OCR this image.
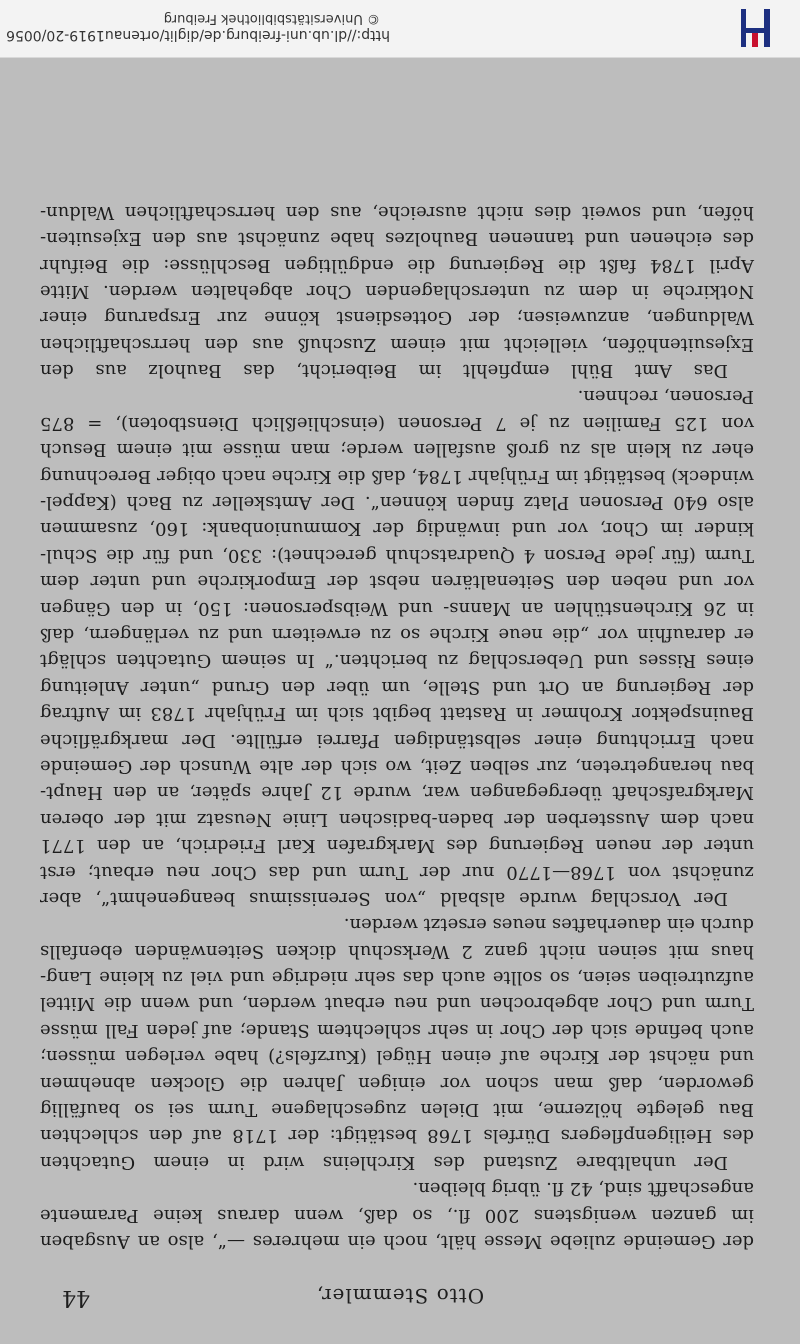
Otto Stemmler,
44
der Gemeinde zuliebe Messe hält, noch ein mehreres —“, also an Ausgaben
im ganzen wenigstens 200 fl., so daß, wenn daraus keine Paramente
angeschafft sind, 42 fl. übrig bleiben.
Der unhaltbare Zustand des Kirchleins wird in einem Gutachten
des Heiligenpflegers Dürfels 1768 bestätigt: der 1718 auf den schlechten
Bau gelegte hölzerne, mit Dielen zugeschlagene Turm sei so baufällig
geworden, daß man schon vor einigen Jahren die Glocken abnehmen
und nächst der Kirche auf einen Hügel (Kurzfels?) habe verlegen müssen;
auch befinde sich der Chor in sehr schlechtem Stande; auf jeden Fall müsse
Turm und Chor abgebrochen und neu erbaut werden, und wenn die Mittel
aufzutreiben seien, so sollte auch das sehr niedrige und viel zu kleine Lang-
haus mit seinen nicht ganz 2 Werkschuh dicken Seitenwänden ebenfalls
durch ein dauerhaftes neues ersetzt werden.
Der Vorschlag wurde alsbald „von Serenissimus beangenehmt“, aber
zunächst von 1768—1770 nur der Turm und das Chor neu erbaut; erst
unter der neuen Regierung des Markgrafen Karl Friedrich, an den 1771
nach dem Aussterben der baden-badischen Linie Neusatz mit der oberen
Markgrafschaft übergegangen war, wurde 12 Jahre später, an den Haupt-
bau herangetreten, zur selben Zeit, wo sich der alte Wunsch der Gemeinde
nach Errichtung einer selbständigen Pfarrei erfüllte. Der markgräfliche
Bauinspektor Krohmer in Rastatt begibt sich im Frühjahr 1783 im Auftrag
der Regierung an Ort und Stelle, um über den Grund „unter Anleitung
eines Risses und Ueberschlag zu berichten.“ In seinem Gutachten schlägt
er daraufhin vor „die neue Kirche so zu erweitern und zu verlängern, daß
in 26 Kirchenstühlen an Manns- und Weibspersonen: 150, in den Gängen
vor und neben den Seitenaltären nebst der Emporkirche und unter dem
Turm (für jede Person 4 Quadratschuh gerechnet): 330, und für die Schul-
kinder im Chor, vor und inwändig der Kommunionbank: 160, zusammen
also 640 Personen Platz finden können“. Der Amtskeller zu Bach (Kappel-
windeck) bestätigt im Frühjahr 1784, daß die Kirche nach obiger Berechnung
eher zu klein als zu groß ausfallen werde; man müsse mit einem Besuch
von 125 Familien zu je 7 Personen (einschließlich Dienstboten), = 875
Personen, rechnen.
Das Amt Bühl empfiehlt im Beibericht, das Bauholz aus den
Exjesuitenhöfen, vielleicht mit einem Zuschuß aus den herrschaftlichen
Waldungen, anzuweisen; der Gottesdienst könne zur Ersparung einer
Notkirche in dem zu unterschlagenden Chor abgehalten werden. Mitte
April 1784 faßt die Regierung die endgültigen Beschlüsse: die Beifuhr
des eichenen und tannenen Bauholzes habe zunächst aus den Exjesuiten-
höfen, und soweit dies nicht ausreiche, aus den herrschaftlichen Waldun-
http://dl.ub.uni-freiburg.de/diglit/ortenau1919-20/0056
© Universitätsbibliothek Freiburg
